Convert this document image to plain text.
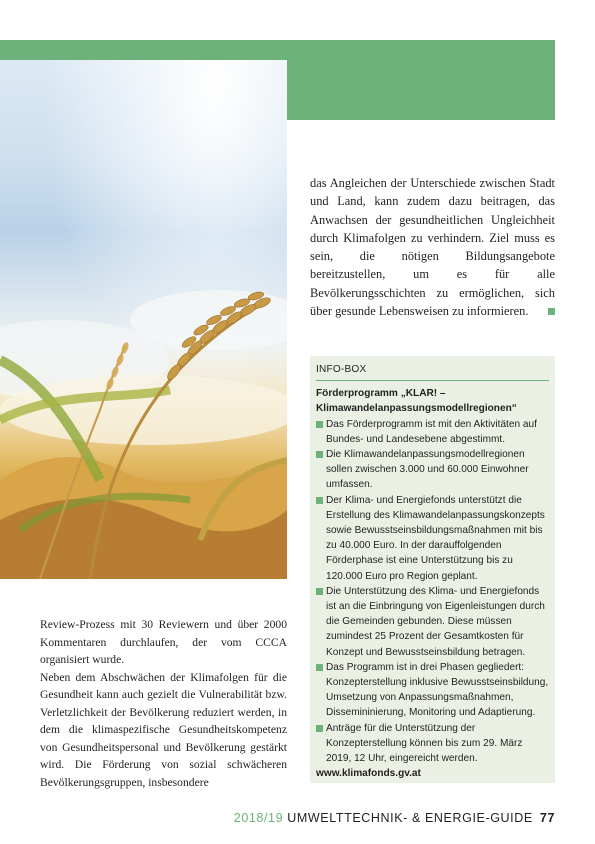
das Angleichen der Unterschiede zwischen Stadt und Land, kann zudem dazu beitragen, das Anwachsen der gesundheitlichen Ungleichheit durch Klimafolgen zu verhindern. Ziel muss es sein, die nötigen Bildungsangebote bereitzustellen, um es für alle Bevölkerungsschichten zu ermöglichen, sich über gesunde Lebensweisen zu informieren.

Review-Prozess mit 30 Reviewern und über 2000 Kommentaren durchlaufen, der vom CCCA organisiert wurde.

Neben dem Abschwächen der Klimafolgen für die Gesundheit kann auch gezielt die Vulnerabilität bzw. Verletzlichkeit der Bevölkerung reduziert werden, in dem die klimaspezifische Gesundheitskompetenz von Gesundheitspersonal und Bevölkerung gestärkt wird. Die Förderung von sozial schwächeren Bevölkerungsgruppen, insbesondere

INFO-BOX
Förderprogramm „KLAR! – Klimawandelanpassungsmodellregionen“
Das Förderprogramm ist mit den Aktivitäten auf Bundes- und Landesebene abgestimmt.
Die Klimawandelanpassungsmodellregionen sollen zwischen 3.000 und 60.000 Einwohner umfassen.
Der Klima- und Energiefonds unterstützt die Erstellung des Klimawandelanpassungskonzepts sowie Bewusstseinsbildungsmaßnahmen mit bis zu 40.000 Euro. In der darauffolgenden Förderphase ist eine Unterstützung bis zu 120.000 Euro pro Region geplant.
Die Unterstützung des Klima- und Energiefonds ist an die Einbringung von Eigenleistungen durch die Gemeinden gebunden. Diese müssen zumindest 25 Prozent der Gesamtkosten für Konzept und Bewusstseinsbildung betragen.
Das Programm ist in drei Phasen gegliedert: Konzepterstellung inklusive Bewusstseinsbildung, Umsetzung von Anpassungsmaßnahmen, Dissemininierung, Monitoring und Adaptierung.
Anträge für die Unterstützung der Konzepterstellung können bis zum 29. März 2019, 12 Uhr, eingereicht werden.
www.klimafonds.gv.at
2018/19 UMWELTTECHNIK- & ENERGIE-GUIDE 77
